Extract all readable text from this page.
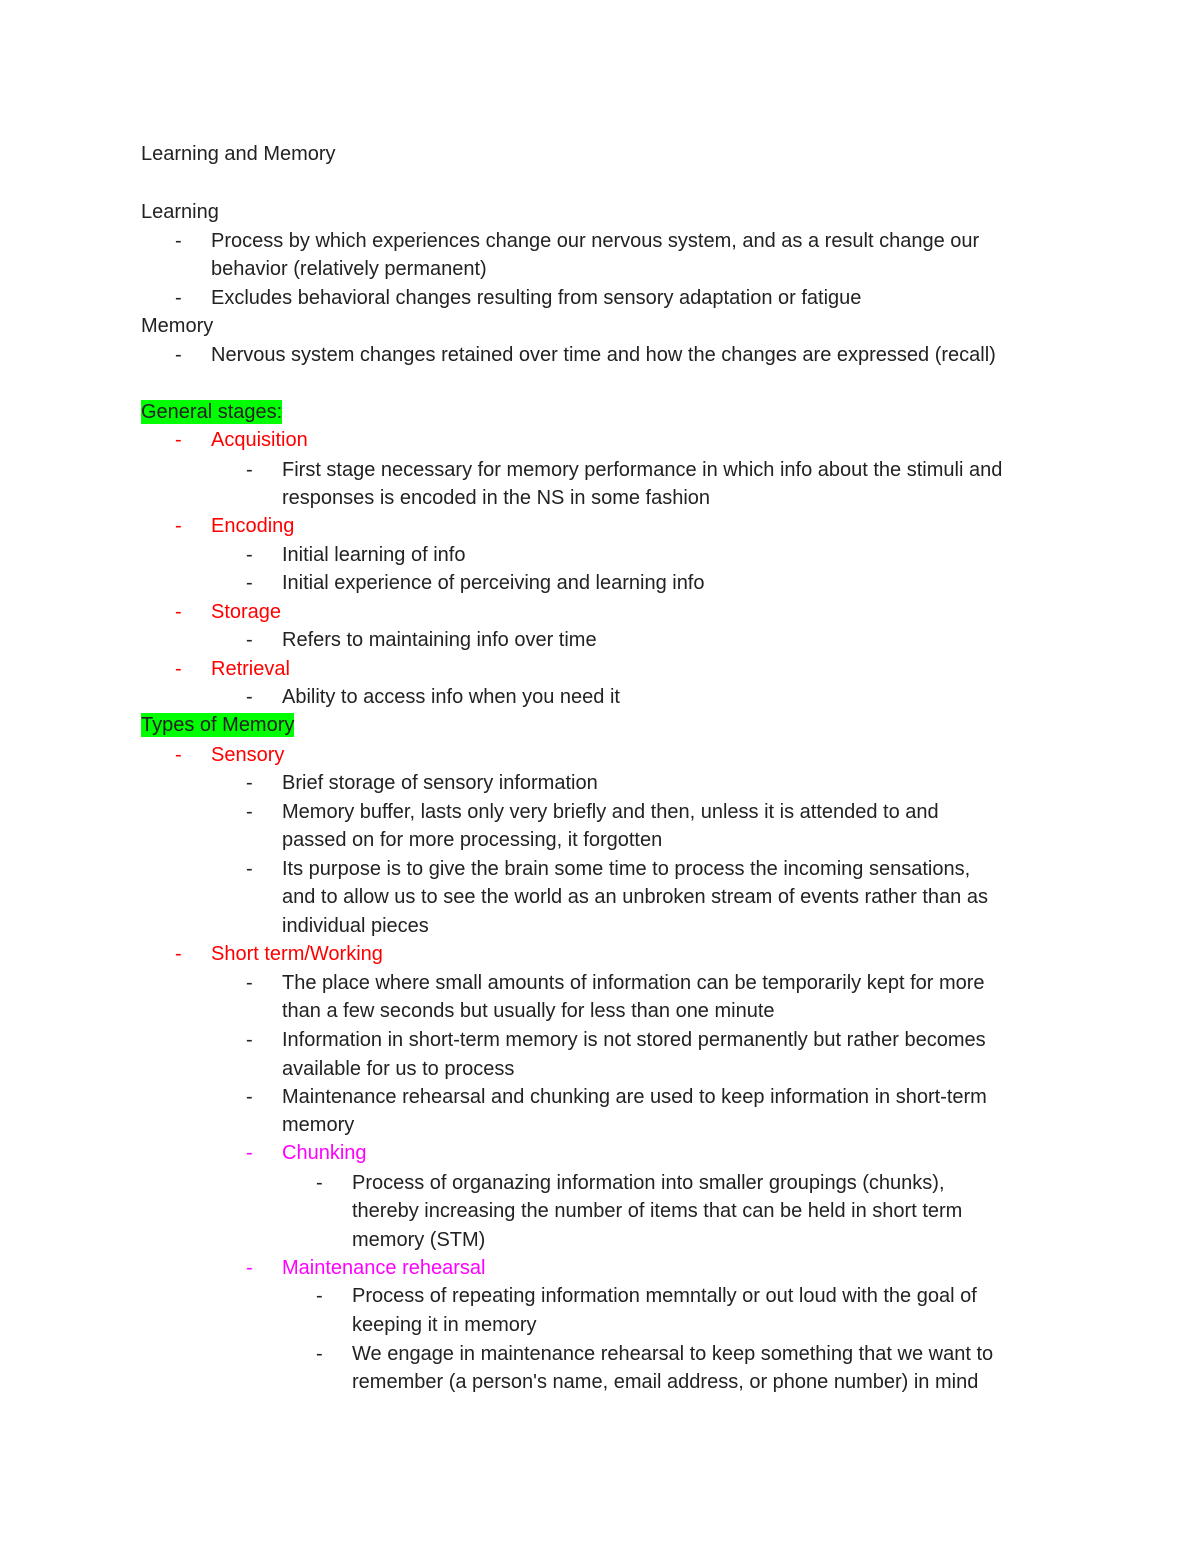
Learning and Memory
Learning
- Process by which experiences change our nervous system, and as a result change our
behavior (relatively permanent)
- Excludes behavioral changes resulting from sensory adaptation or fatigue
Memory
- Nervous system changes retained over time and how the changes are expressed (recall)
General stages:
- Acquisition
- First stage necessary for memory performance in which info about the stimuli and
responses is encoded in the NS in some fashion
- Encoding
- Initial learning of info
- Initial experience of perceiving and learning info
- Storage
- Refers to maintaining info over time
- Retrieval
- Ability to access info when you need it
Types of Memory
- Sensory
- Brief storage of sensory information
- Memory buffer, lasts only very briefly and then, unless it is attended to and
passed on for more processing, it forgotten
- Its purpose is to give the brain some time to process the incoming sensations,
and to allow us to see the world as an unbroken stream of events rather than as
individual pieces
- Short term/Working
- The place where small amounts of information can be temporarily kept for more
than a few seconds but usually for less than one minute
- Information in short-term memory is not stored permanently but rather becomes
available for us to process
- Maintenance rehearsal and chunking are used to keep information in short-term
memory
- Chunking
- Process of organazing information into smaller groupings (chunks),
thereby increasing the number of items that can be held in short term
memory (STM)
- Maintenance rehearsal
- Process of repeating information memntally or out loud with the goal of
keeping it in memory
- We engage in maintenance rehearsal to keep something that we want to
remember (a person's name, email address, or phone number) in mind
